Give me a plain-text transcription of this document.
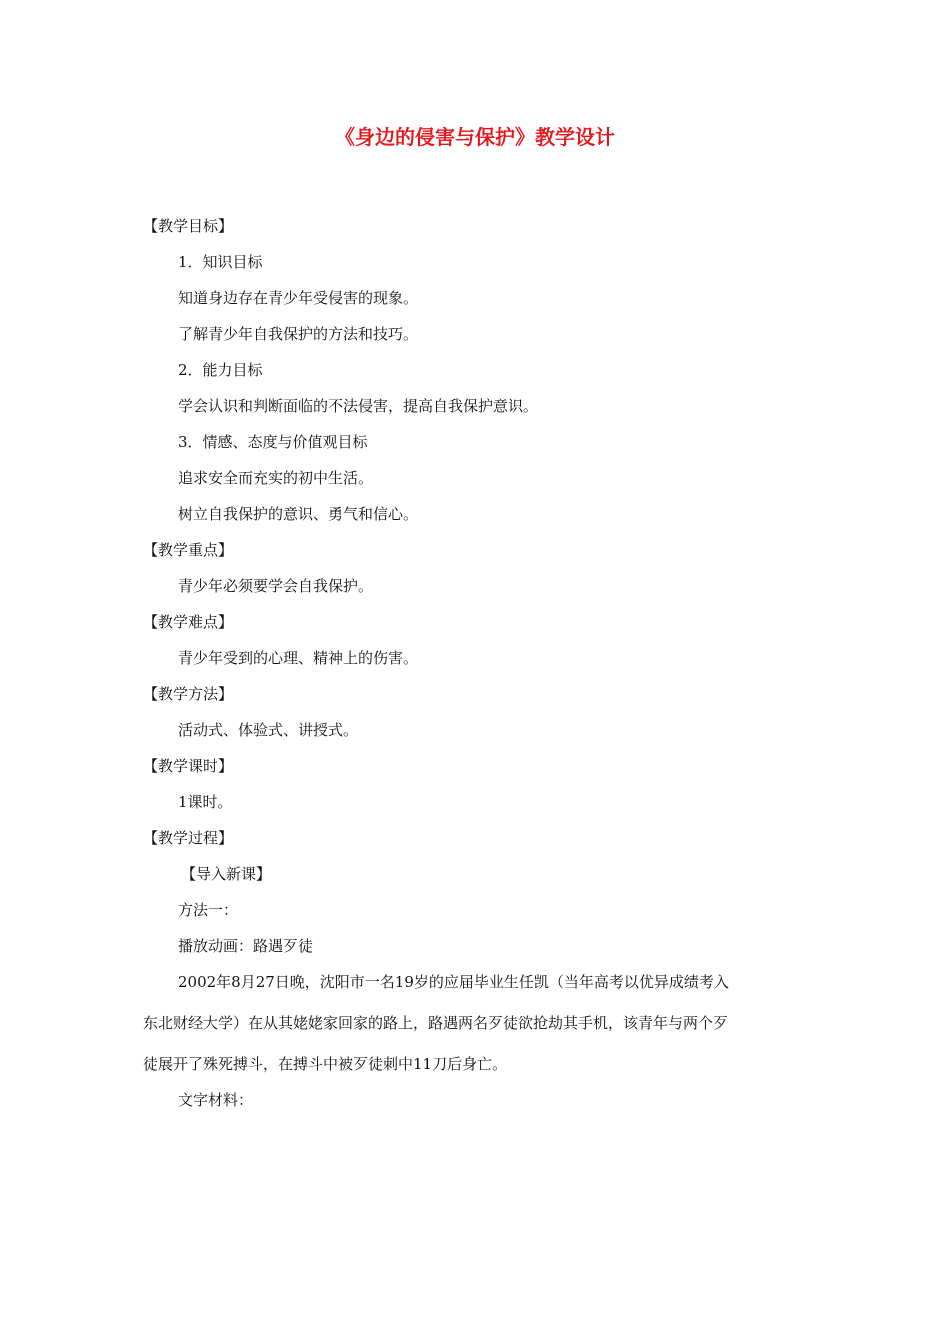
《身边的侵害与保护》教学设计
【教学目标】
1．知识目标
知道身边存在青少年受侵害的现象。
了解青少年自我保护的方法和技巧。
2．能力目标
学会认识和判断面临的不法侵害，提高自我保护意识。
3．情感、态度与价值观目标
追求安全而充实的初中生活。
树立自我保护的意识、勇气和信心。
【教学重点】
青少年必须要学会自我保护。
【教学难点】
青少年受到的心理、精神上的伤害。
【教学方法】
活动式、体验式、讲授式。
【教学课时】
1课时。
【教学过程】
【导入新课】
方法一：
播放动画：路遇歹徒
2002年8月27日晚，沈阳市一名19岁的应届毕业生任凯（当年高考以优异成绩考入
东北财经大学）在从其姥姥家回家的路上，路遇两名歹徒欲抢劫其手机，该青年与两个歹
徒展开了殊死搏斗，在搏斗中被歹徒刺中11刀后身亡。
文字材料：
